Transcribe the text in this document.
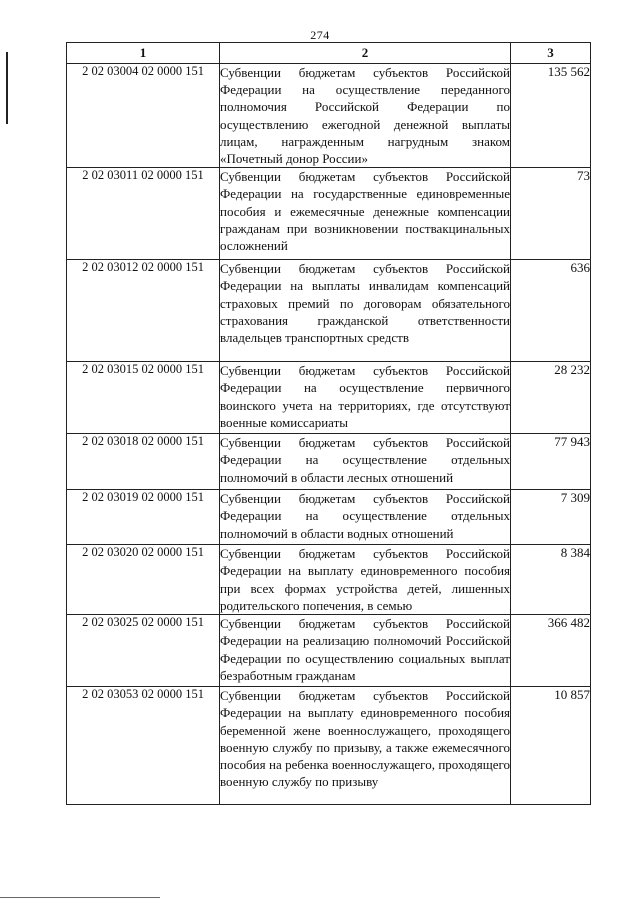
274
1	2	3
2 02 03004 02 0000 151	Субвенции бюджетам субъектов Российской Федерации на осуществление переданного полномочия Российской Федерации по осуществлению ежегодной денежной выплаты лицам, награжденным нагрудным знаком «Почетный донор России»	135 562
2 02 03011 02 0000 151	Субвенции бюджетам субъектов Российской Федерации на государственные единовременные пособия и ежемесячные денежные компенсации гражданам при возникновении поствакцинальных осложнений	73
2 02 03012 02 0000 151	Субвенции бюджетам субъектов Российской Федерации на выплаты инвалидам компенсаций страховых премий по договорам обязательного страхования гражданской ответственности владельцев транспортных средств	636
2 02 03015 02 0000 151	Субвенции бюджетам субъектов Российской Федерации на осуществление первичного воинского учета на территориях, где отсутствуют военные комиссариаты	28 232
2 02 03018 02 0000 151	Субвенции бюджетам субъектов Российской Федерации на осуществление отдельных полномочий в области лесных отношений	77 943
2 02 03019 02 0000 151	Субвенции бюджетам субъектов Российской Федерации на осуществление отдельных полномочий в области водных отношений	7 309
2 02 03020 02 0000 151	Субвенции бюджетам субъектов Российской Федерации на выплату единовременного пособия при всех формах устройства детей, лишенных родительского попечения, в семью	8 384
2 02 03025 02 0000 151	Субвенции бюджетам субъектов Российской Федерации на реализацию полномочий Российской Федерации по осуществлению социальных выплат безработным гражданам	366 482
2 02 03053 02 0000 151	Субвенции бюджетам субъектов Российской Федерации на выплату единовременного пособия беременной жене военнослужащего, проходящего военную службу по призыву, а также ежемесячного пособия на ребенка военнослужащего, проходящего военную службу по призыву	10 857
